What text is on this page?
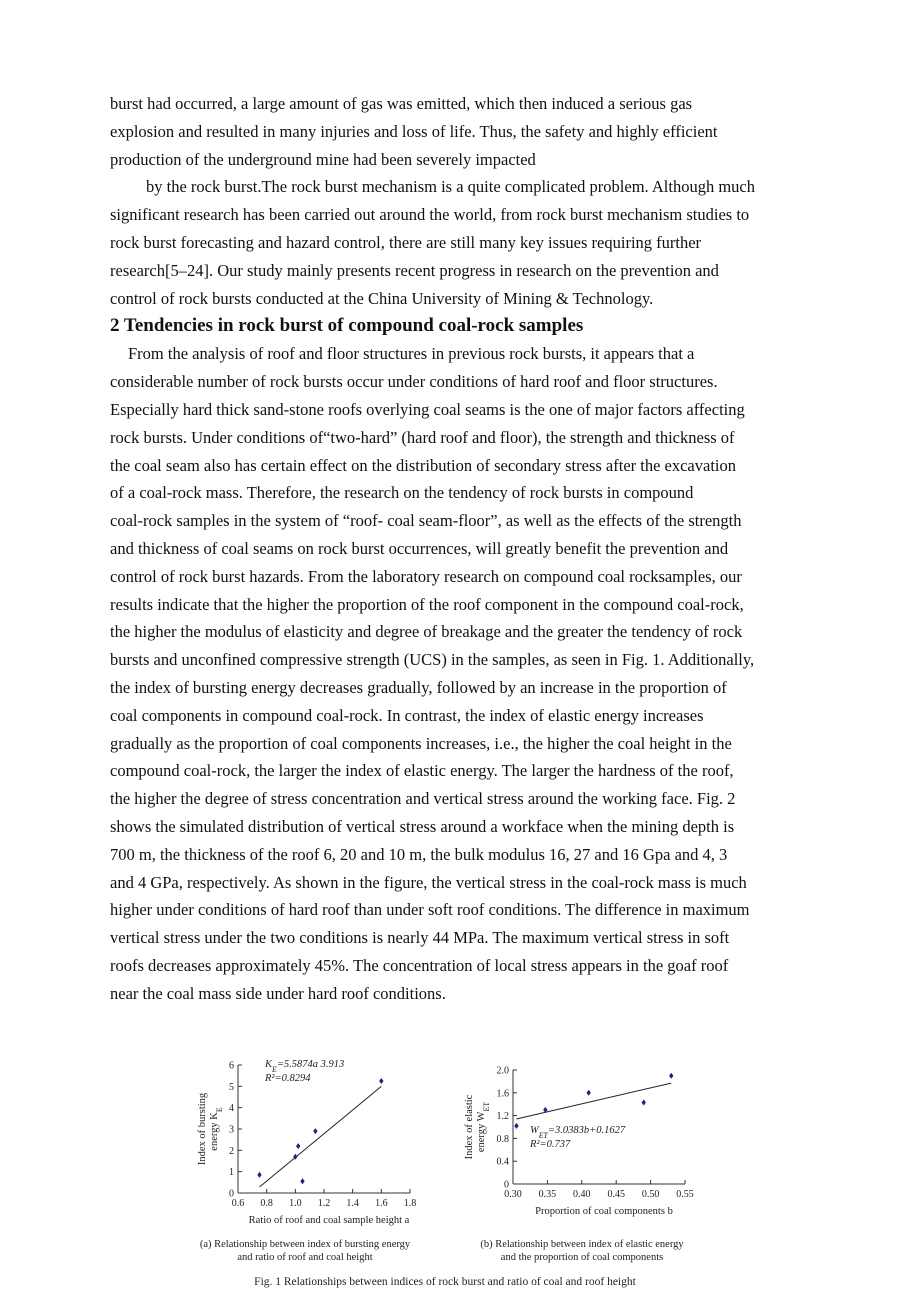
burst had occurred, a large amount of gas was emitted, which then induced a serious gas

explosion and resulted in many injuries and loss of life. Thus, the safety and highly efficient

production of the underground mine had been severely impacted

by the rock burst.The rock burst mechanism is a quite complicated problem. Although much

significant research has been carried out around the world, from rock burst mechanism studies to

rock burst forecasting and hazard control, there are still many key issues requiring further

research[5–24]. Our study mainly presents recent progress in research on the prevention and

control of rock bursts conducted at the China University of Mining & Technology.

2 Tendencies in rock burst of compound coal-rock samples

From the analysis of roof and floor structures in previous rock bursts, it appears that a

considerable number of rock bursts occur under conditions of hard roof and floor structures.

Especially hard thick sand-stone roofs overlying coal seams is the one of major factors affecting

rock bursts. Under conditions of“two-hard” (hard roof and floor), the strength and thickness of

the coal seam also has certain effect on the distribution of secondary stress after the excavation

of a coal-rock mass. Therefore, the research on the tendency of rock bursts in compound

coal-rock samples in the system of “roof- coal seam-floor”, as well as the effects of the strength

and thickness of coal seams on rock burst occurrences, will greatly benefit the prevention and

control of rock burst hazards. From the laboratory research on compound coal rocksamples, our

results indicate that the higher the proportion of the roof component in the compound coal-rock,

the higher the modulus of elasticity and degree of breakage and the greater the tendency of rock

bursts and unconfined compressive strength (UCS) in the samples, as seen in Fig. 1. Additionally,

the index of bursting energy decreases gradually, followed by an increase in the proportion of

coal components in compound coal-rock. In contrast, the index of elastic energy increases

gradually as the proportion of coal components increases, i.e., the higher the coal height in the

compound coal-rock, the larger the index of elastic energy. The larger the hardness of the roof,

the higher the degree of stress concentration and vertical stress around the working face. Fig. 2

shows the simulated distribution of vertical stress around a workface when the mining depth is

700 m, the thickness of the roof 6, 20 and 10 m, the bulk modulus 16, 27 and 16 Gpa and 4, 3

and 4 GPa, respectively. As shown in the figure, the vertical stress in the coal-rock mass is much

higher under conditions of hard roof than under soft roof conditions. The difference in maximum

vertical stress under the two conditions is nearly 44 MPa. The maximum vertical stress in soft

roofs decreases approximately 45%. The concentration of local stress appears in the goaf roof

near the coal mass side under hard roof conditions.

0.6 0.8 1.0 1.2 1.4 1.6 1.8
0
1
2
3
4
5
6	$K_E=5.5874a$ 3.913
R²=0.8294
Ratio of roof and coal sample height a
Index of bursting energy $K_E$
0.30 0.35 0.40 0.45 0.50 0.55
0
0.4
0.8
1.2
1.6
2.0
$W_{ET}=3.0383b+0.1627$
R²=0.737
Proportion of coal components b
Index of elastic energy $W_{ET}$
(a) Relationship between index of bursting energy
and ratio of roof and coal height
(b) Relationship between index of elastic energy
and the proportion of coal components
Fig. 1 Relationships between indices of rock burst and ratio of coal and roof height
